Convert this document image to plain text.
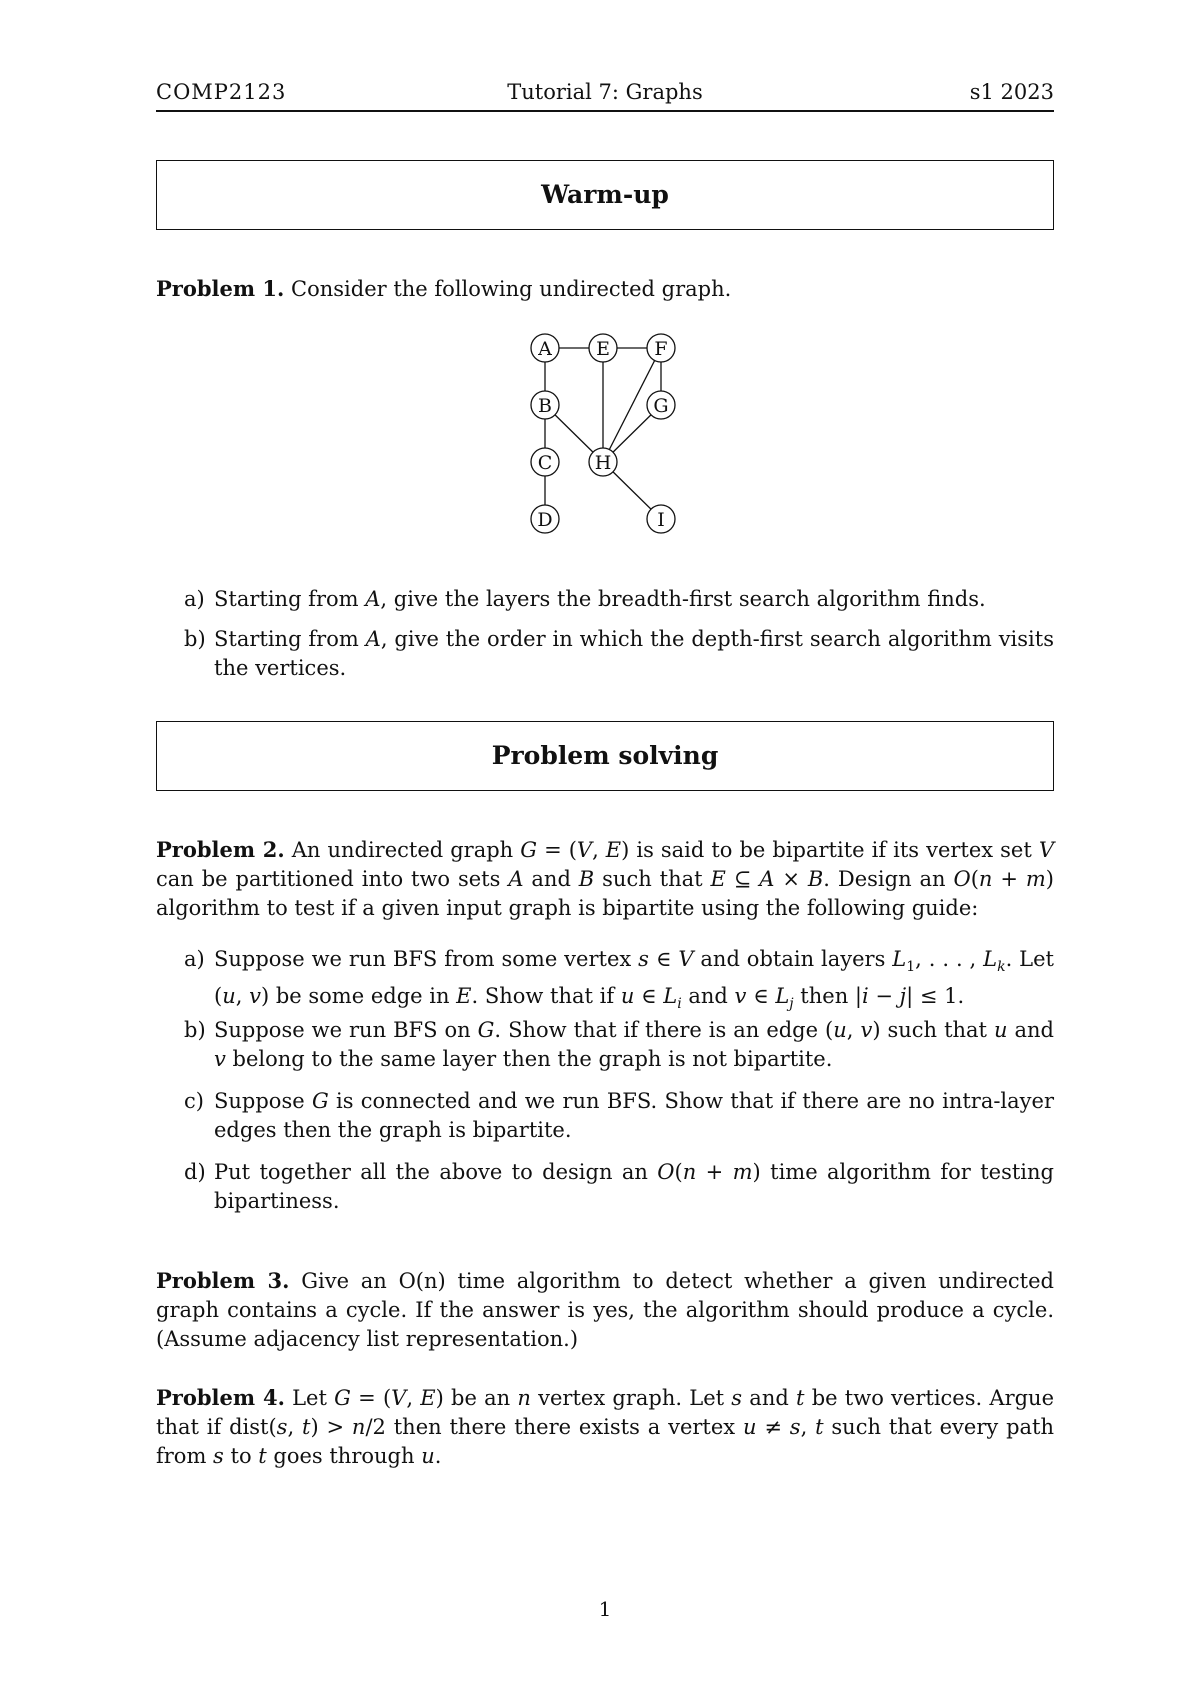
COMP2123	Tutorial 7: Graphs	s1 2023
Warm-up
Problem 1. Consider the following undirected graph.
A E F
B	G
C H
D	I
a) Starting from A, give the layers the breadth-first search algorithm finds.
b) Starting from A, give the order in which the depth-first search algorithm visits the vertices.
Problem solving
Problem 2. An undirected graph G = (V, E) is said to be bipartite if its vertex set V can be partitioned into two sets A and B such that E ⊆ A × B. Design an O(n + m) algorithm to test if a given input graph is bipartite using the following guide:
a) Suppose we run BFS from some vertex s ∈ V and obtain layers $L_1$, . . . , $L_k$. Let (u, v) be some edge in E. Show that if u ∈ $L_i$ and v ∈ $L_j$ then |i − j| ≤ 1.
b) Suppose we run BFS on G. Show that if there is an edge (u, v) such that u and v belong to the same layer then the graph is not bipartite.
c) Suppose G is connected and we run BFS. Show that if there are no intra-layer edges then the graph is bipartite.
d) Put together all the above to design an O(n + m) time algorithm for testing bipartiness.
Problem 3. Give an O(n) time algorithm to detect whether a given undirected graph contains a cycle. If the answer is yes, the algorithm should produce a cycle. (Assume adjacency list representation.)
Problem 4. Let G = (V, E) be an n vertex graph. Let s and t be two vertices. Argue that if dist(s, t) > n/2 then there there exists a vertex u ≠ s, t such that every path from s to t goes through u.
1
